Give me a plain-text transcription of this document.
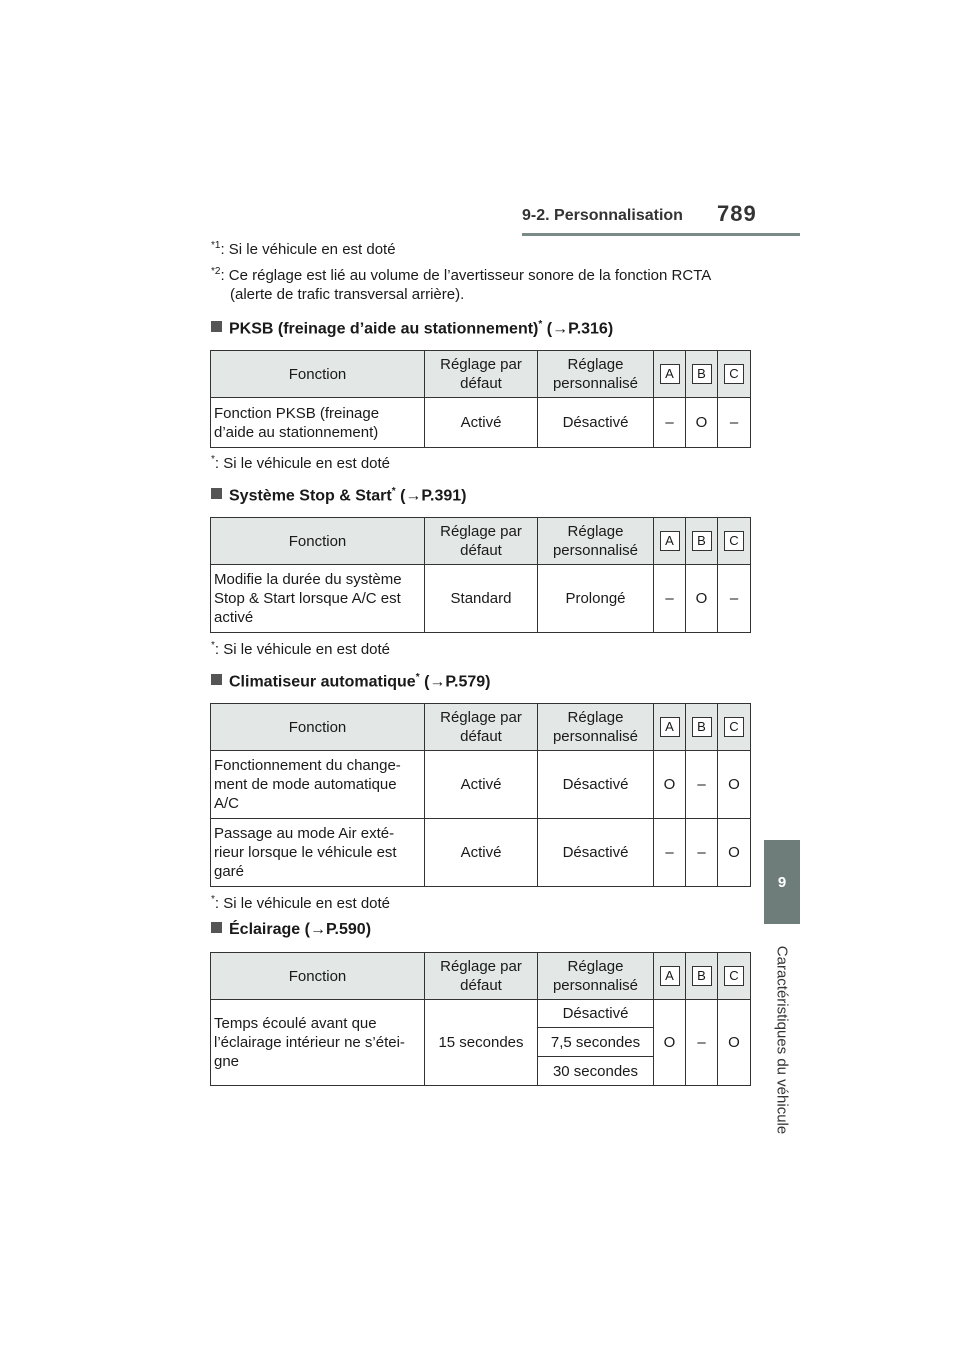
9-2. Personnalisation 789
9
Caractéristiques du véhicule
$^{*1}$: Si le véhicule en est doté
$^{*2}$: Ce réglage est lié au volume de l’avertisseur sonore de la fonction RCTA (alerte de trafic transversal arrière).
PKSB (freinage d’aide au stationnement)* (→P.316)
Fonction	Réglage par défaut	Réglage personnalisé	A	B	C
Fonction PKSB (freinage d’aide au stationnement)	Activé	Désactivé	–	O	–
*: Si le véhicule en est doté
Système Stop & Start* (→P.391)
Fonction	Réglage par défaut	Réglage personnalisé	A	B	C
Modifie la durée du système Stop & Start lorsque A/C est activé	Standard	Prolongé	–	O	–
*: Si le véhicule en est doté
Climatiseur automatique* (→P.579)
Fonction	Réglage par défaut	Réglage personnalisé	A	B	C
Fonctionnement du change-ment de mode automatique A/C	Activé	Désactivé	O	–	O
Passage au mode Air exté-rieur lorsque le véhicule est garé	Activé	Désactivé	–	–	O
*: Si le véhicule en est doté
Éclairage (→P.590)
Fonction	Réglage par défaut	Réglage personnalisé	A	B	C
Temps écoulé avant que l’éclairage intérieur ne s’étei-gne	15 secondes	Désactivé	O	–	O
		7,5 secondes			
		30 secondes			
